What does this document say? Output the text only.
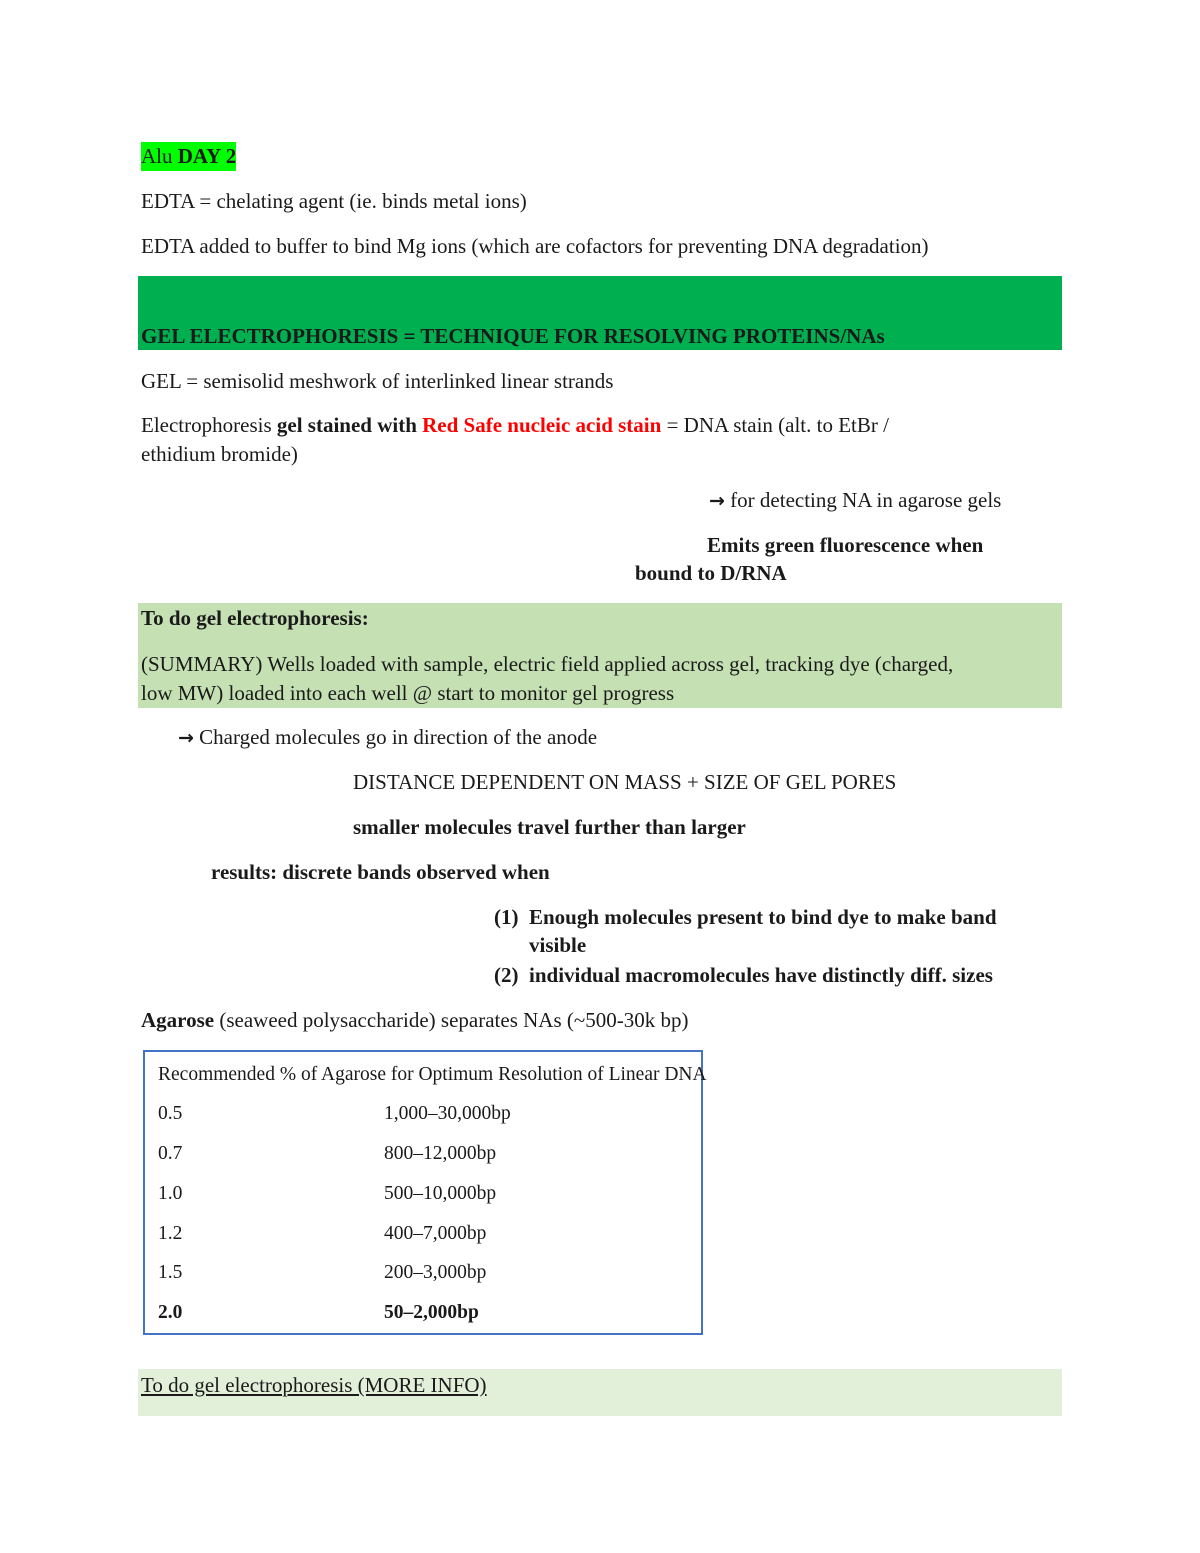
Alu DAY 2
EDTA = chelating agent (ie. binds metal ions)
EDTA added to buffer to bind Mg ions (which are cofactors for preventing DNA degradation)
GEL ELECTROPHORESIS = TECHNIQUE FOR RESOLVING PROTEINS/NAs
GEL = semisolid meshwork of interlinked linear strands
Electrophoresis gel stained with Red Safe nucleic acid stain = DNA stain (alt. to EtBr /
ethidium bromide)
→ for detecting NA in agarose gels
Emits green fluorescence when
bound to D/RNA
To do gel electrophoresis:
(SUMMARY) Wells loaded with sample, electric field applied across gel, tracking dye (charged,
low MW) loaded into each well @ start to monitor gel progress
→ Charged molecules go in direction of the anode
DISTANCE DEPENDENT ON MASS + SIZE OF GEL PORES
smaller molecules travel further than larger
results: discrete bands observed when
(1) Enough molecules present to bind dye to make band
visible
(2) individual macromolecules have distinctly diff. sizes
Agarose (seaweed polysaccharide) separates NAs (~500-30k bp)
Recommended % of Agarose for Optimum Resolution of Linear DNA
0.5	1,000–30,000bp
0.7	800–12,000bp
1.0	500–10,000bp
1.2	400–7,000bp
1.5	200–3,000bp
2.0	50–2,000bp
To do gel electrophoresis (MORE INFO)
